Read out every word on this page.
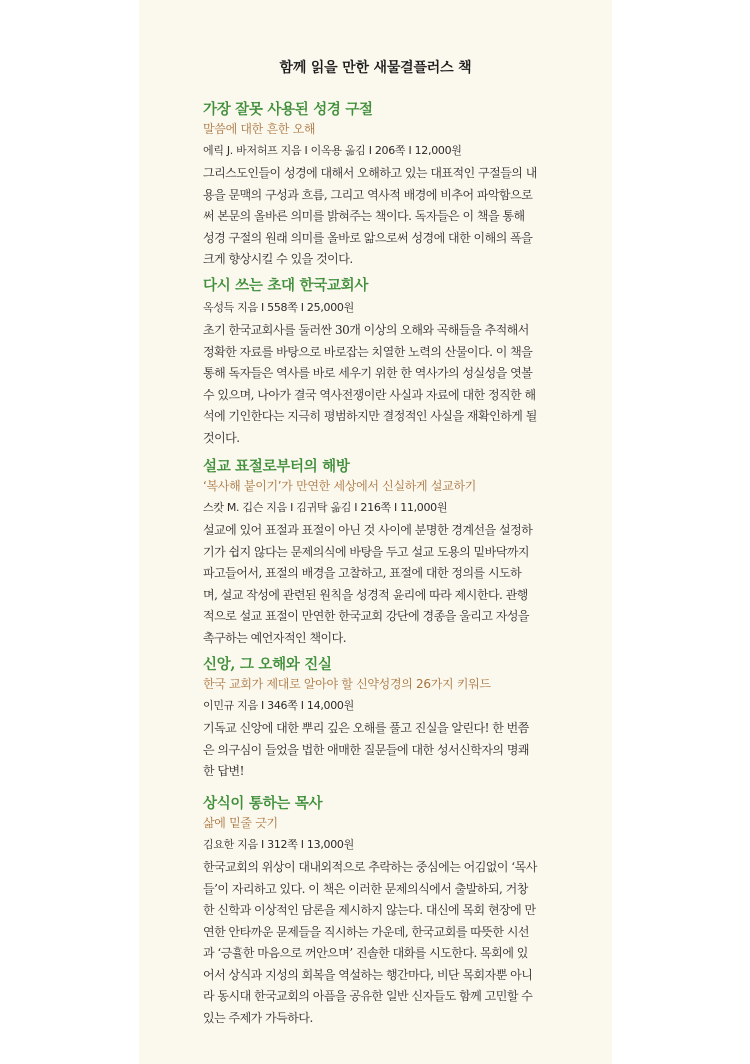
함께 읽을 만한 새물결플러스 책
가장 잘못 사용된 성경 구절
말씀에 대한 흔한 오해
에릭 J. 바저허프 지음 I 이옥용 옮김 I 206쪽 I 12,000원
그리스도인들이 성경에 대해서 오해하고 있는 대표적인 구절들의 내
용을 문맥의 구성과 흐름, 그리고 역사적 배경에 비추어 파악함으로
써 본문의 올바른 의미를 밝혀주는 책이다. 독자들은 이 책을 통해
성경 구절의 원래 의미를 올바로 앎으로써 성경에 대한 이해의 폭을
크게 향상시킬 수 있을 것이다.
다시 쓰는 초대 한국교회사
옥성득 지음 I 558쪽 I 25,000원
초기 한국교회사를 둘러싼 30개 이상의 오해와 곡해들을 추적해서
정확한 자료를 바탕으로 바로잡는 치열한 노력의 산물이다. 이 책을
통해 독자들은 역사를 바로 세우기 위한 한 역사가의 성실성을 엿볼
수 있으며, 나아가 결국 역사전쟁이란 사실과 자료에 대한 정직한 해
석에 기인한다는 지극히 평범하지만 결정적인 사실을 재확인하게 될
것이다.
설교 표절로부터의 해방
‘복사해 붙이기’가 만연한 세상에서 신실하게 설교하기
스캇 M. 깁슨 지음 I 김귀탁 옮김 I 216쪽 I 11,000원
설교에 있어 표절과 표절이 아닌 것 사이에 분명한 경계선을 설정하
기가 쉽지 않다는 문제의식에 바탕을 두고 설교 도용의 밑바닥까지
파고들어서, 표절의 배경을 고찰하고, 표절에 대한 정의를 시도하
며, 설교 작성에 관련된 원칙을 성경적 윤리에 따라 제시한다. 관행
적으로 설교 표절이 만연한 한국교회 강단에 경종을 울리고 자성을
촉구하는 예언자적인 책이다.
신앙, 그 오해와 진실
한국 교회가 제대로 알아야 할 신약성경의 26가지 키워드
이민규 지음 I 346쪽 I 14,000원
기독교 신앙에 대한 뿌리 깊은 오해를 풀고 진실을 알린다! 한 번쯤
은 의구심이 들었을 법한 애매한 질문들에 대한 성서신학자의 명쾌
한 답변!
상식이 통하는 목사
삶에 밑줄 긋기
김요한 지음 I 312쪽 I 13,000원
한국교회의 위상이 대내외적으로 추락하는 중심에는 어김없이 ‘목사
들’이 자리하고 있다. 이 책은 이러한 문제의식에서 출발하되, 거창
한 신학과 이상적인 담론을 제시하지 않는다. 대신에 목회 현장에 만
연한 안타까운 문제들을 직시하는 가운데, 한국교회를 따뜻한 시선
과 ‘긍휼한 마음으로 꺼안으며’ 진솔한 대화를 시도한다. 목회에 있
어서 상식과 지성의 회복을 역설하는 행간마다, 비단 목회자뿐 아니
라 동시대 한국교회의 아픔을 공유한 일반 신자들도 함께 고민할 수
있는 주제가 가득하다.
